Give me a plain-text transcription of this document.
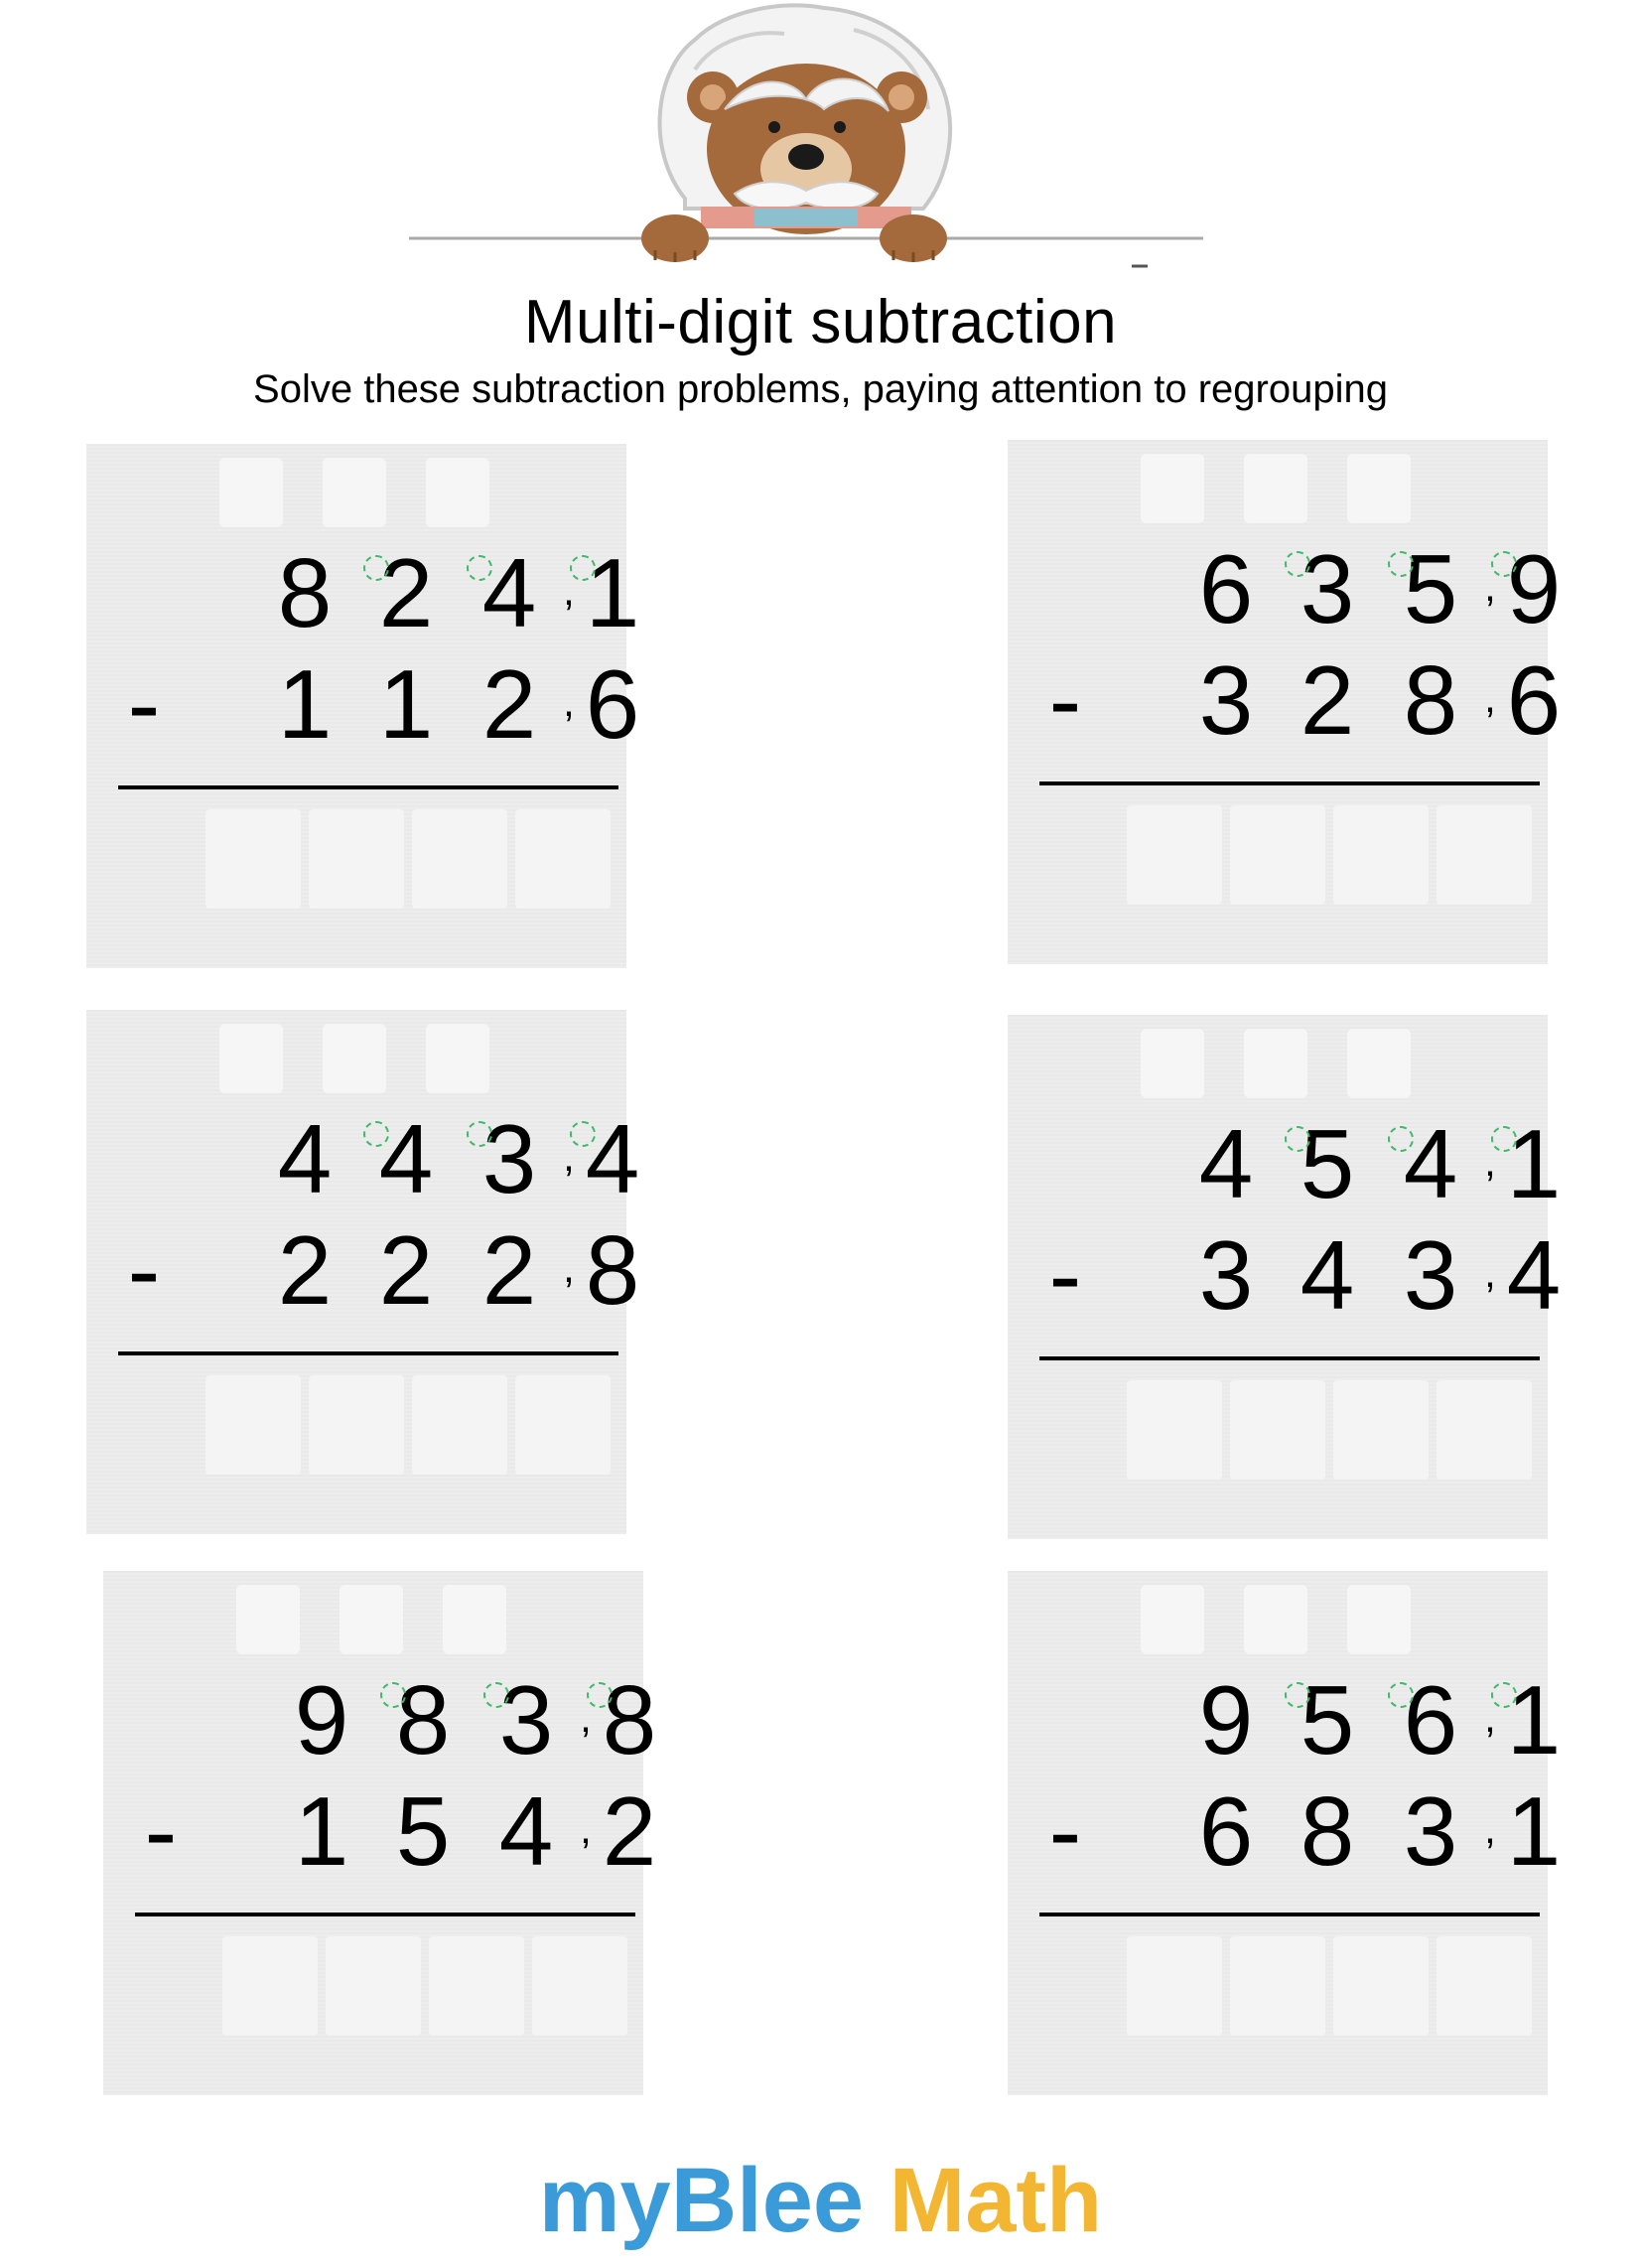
Multi-digit subtraction
Solve these subtraction problems, paying attention to regrouping
8 2 4 1
,
- 1 1 2 6
,
6 3 5 9
,
- 3 2 8 6
,
4 4 3 4
,
- 2 2 2 8
,
4 5 4 1
,
- 3 4 3 4
,
9 8 3 8
,
- 1 5 4 2
,
9 5 6 1
,
- 6 8 3 1
,
myBlee Math
